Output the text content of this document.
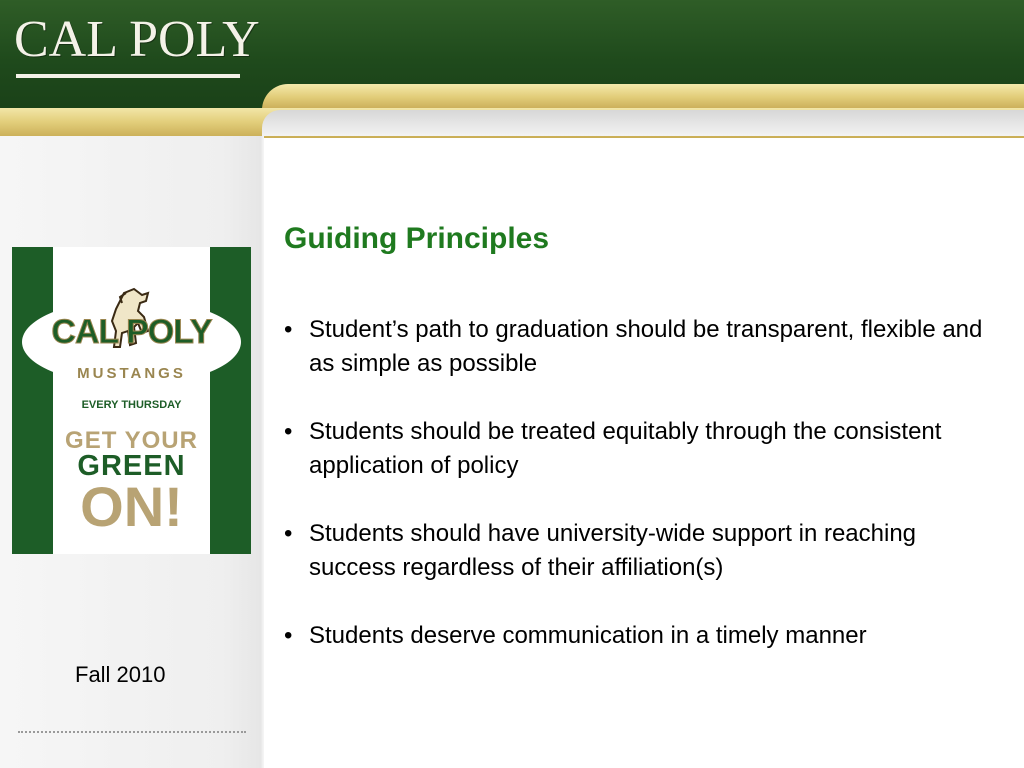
CAL POLY
CAL POLY
MUSTANGS
EVERY THURSDAY
GET YOUR
GREEN
ON!
Fall 2010
Guiding Principles
• Student’s path to graduation should be transparent, flexible and as simple as possible
• Students should be treated equitably through the consistent application of policy
• Students should have university-wide support in reaching success regardless of their affiliation(s)
• Students deserve communication in a timely manner
